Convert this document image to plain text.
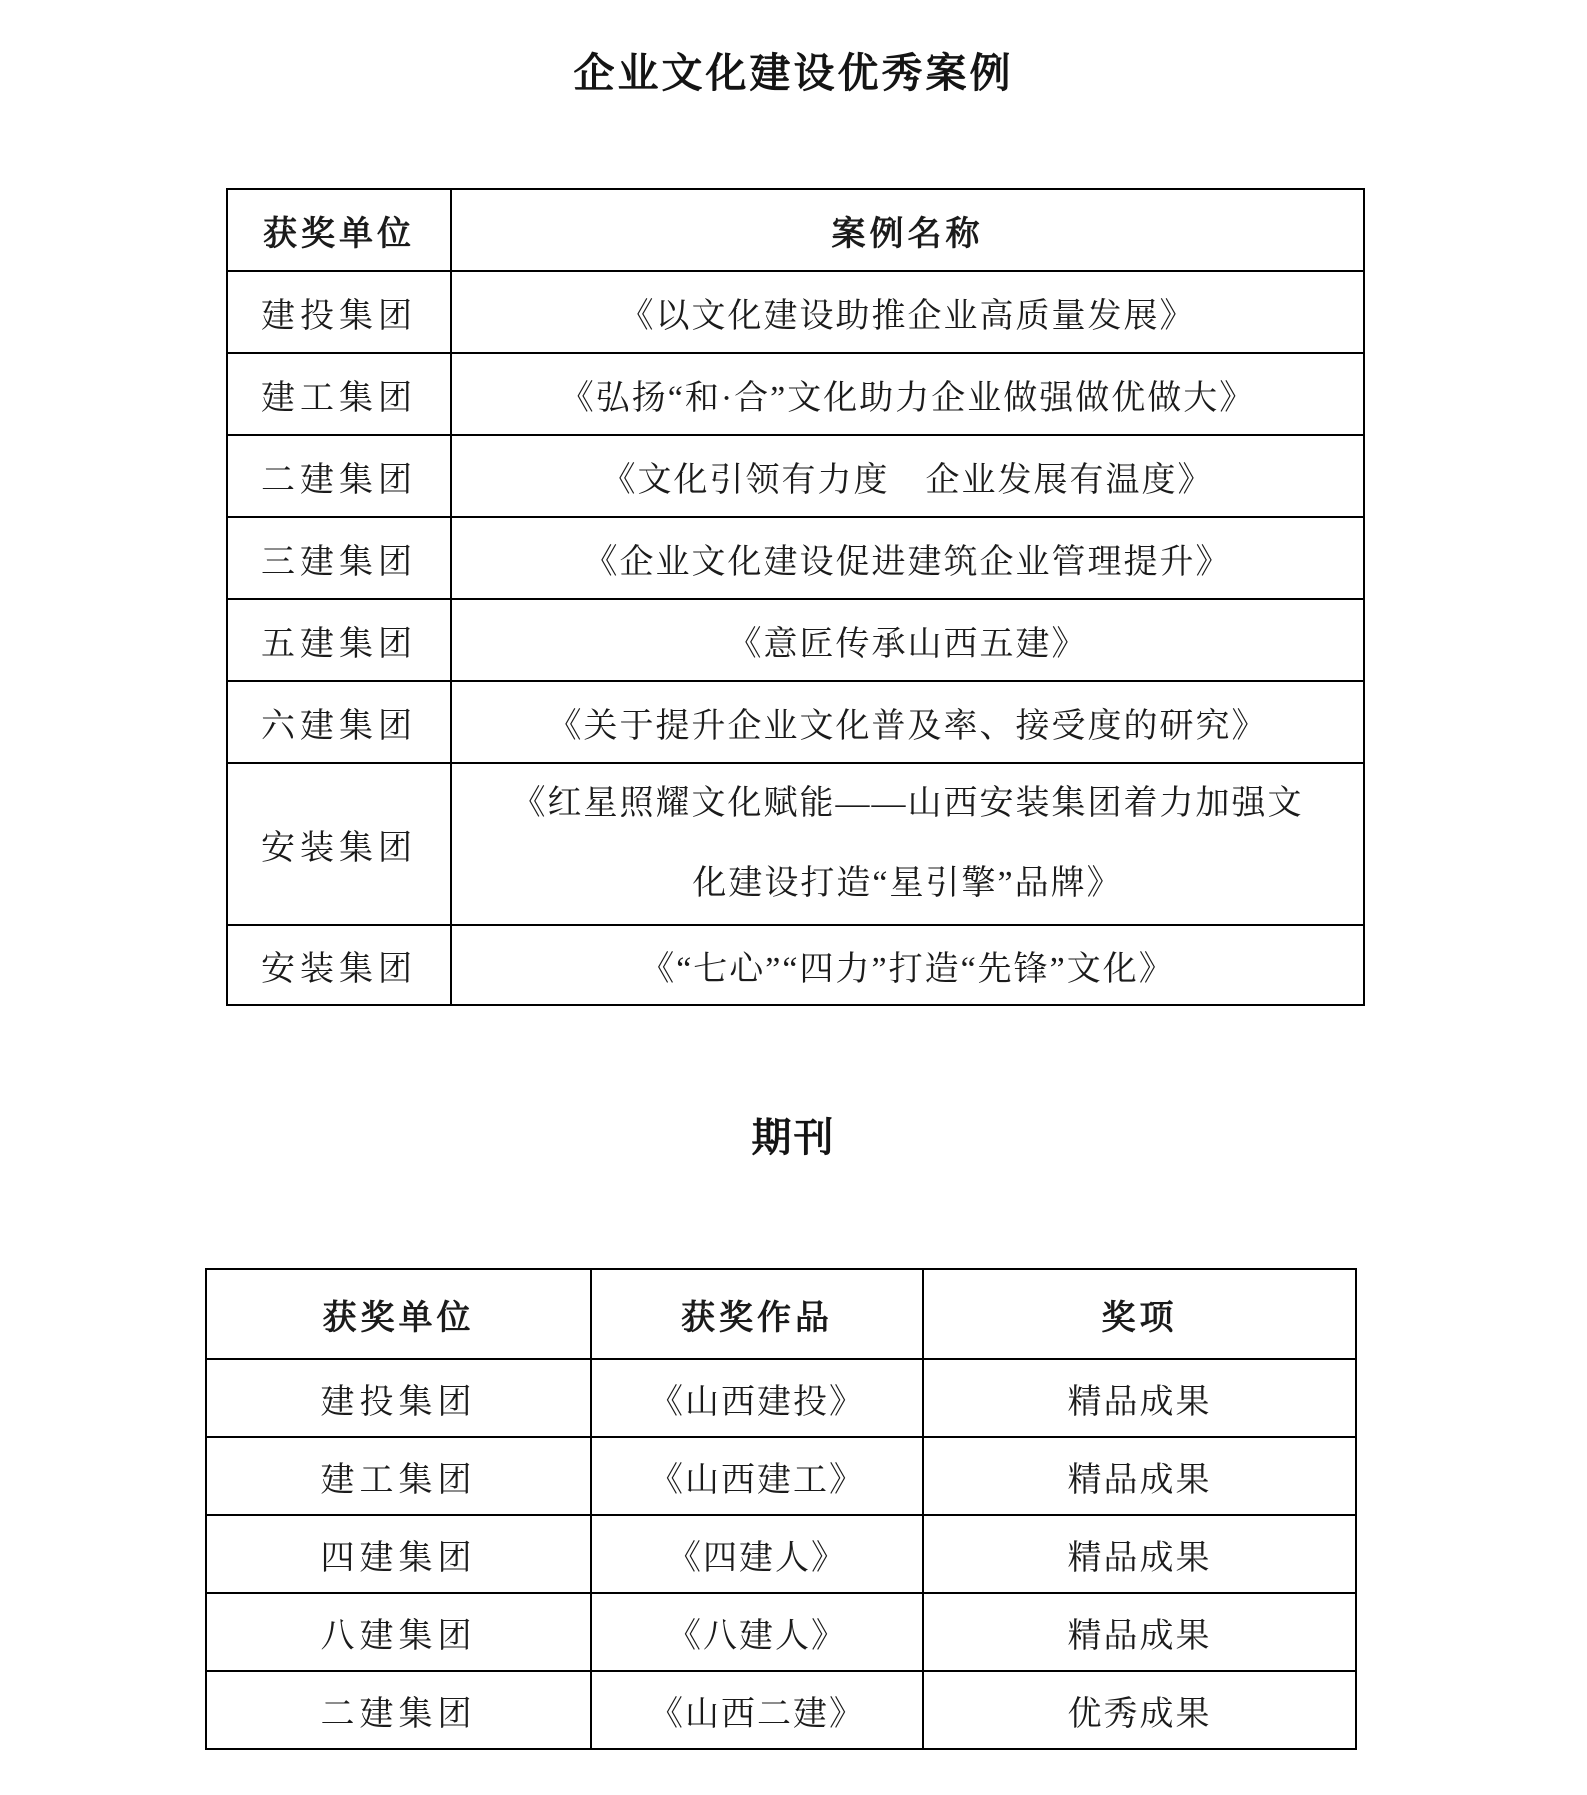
企业文化建设优秀案例
获奖单位	案例名称
建投集团	《以文化建设助推企业高质量发展》
建工集团	《弘扬“和·合”文化助力企业做强做优做大》
二建集团	《文化引领有力度　企业发展有温度》
三建集团	《企业文化建设促进建筑企业管理提升》
五建集团	《意匠传承山西五建》
六建集团	《关于提升企业文化普及率、接受度的研究》
安装集团	《红星照耀文化赋能——山西安装集团着力加强文化建设打造“星引擎”品牌》
安装集团	《“七心”“四力”打造“先锋”文化》
期刊
获奖单位	获奖作品	奖项
建投集团	《山西建投》	精品成果
建工集团	《山西建工》	精品成果
四建集团	《四建人》	精品成果
八建集团	《八建人》	精品成果
二建集团	《山西二建》	优秀成果
